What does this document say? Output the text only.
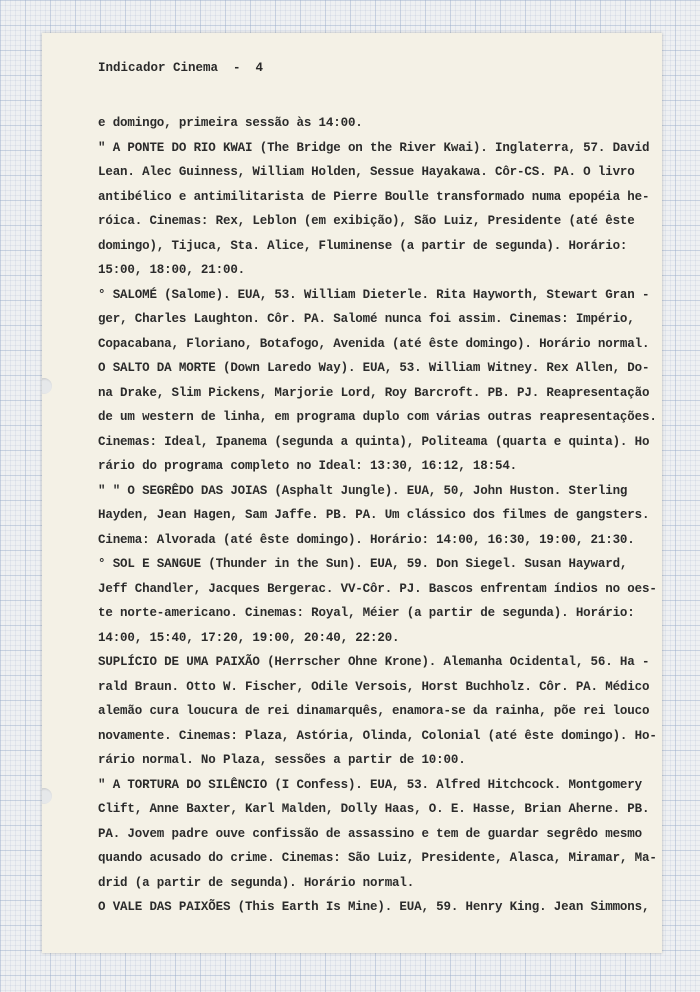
Indicador Cinema  -  4
e domingo, primeira sessão às 14:00.
" A PONTE DO RIO KWAI (The Bridge on the River Kwai). Inglaterra, 57. David
Lean. Alec Guinness, William Holden, Sessue Hayakawa. Côr-CS. PA. O livro
antibélico e antimilitarista de Pierre Boulle transformado numa epopéia he-
róica. Cinemas: Rex, Leblon (em exibição), São Luiz, Presidente (até êste
domingo), Tijuca, Sta. Alice, Fluminense (a partir de segunda). Horário:
15:00, 18:00, 21:00.
° SALOMÉ (Salome). EUA, 53. William Dieterle. Rita Hayworth, Stewart Gran -
ger, Charles Laughton. Côr. PA. Salomé nunca foi assim. Cinemas: Império,
Copacabana, Floriano, Botafogo, Avenida (até êste domingo). Horário normal.
O SALTO DA MORTE (Down Laredo Way). EUA, 53. William Witney. Rex Allen, Do-
na Drake, Slim Pickens, Marjorie Lord, Roy Barcroft. PB. PJ. Reapresentação
de um western de linha, em programa duplo com várias outras reapresentações.
Cinemas: Ideal, Ipanema (segunda a quinta), Politeama (quarta e quinta). Ho
rário do programa completo no Ideal: 13:30, 16:12, 18:54.
" " O SEGRÊDO DAS JOIAS (Asphalt Jungle). EUA, 50, John Huston. Sterling
Hayden, Jean Hagen, Sam Jaffe. PB. PA. Um clássico dos filmes de gangsters.
Cinema: Alvorada (até êste domingo). Horário: 14:00, 16:30, 19:00, 21:30.
° SOL E SANGUE (Thunder in the Sun). EUA, 59. Don Siegel. Susan Hayward,
Jeff Chandler, Jacques Bergerac. VV-Côr. PJ. Bascos enfrentam índios no oes-
te norte-americano. Cinemas: Royal, Méier (a partir de segunda). Horário:
14:00, 15:40, 17:20, 19:00, 20:40, 22:20.
SUPLÍCIO DE UMA PAIXÃO (Herrscher Ohne Krone). Alemanha Ocidental, 56. Ha -
rald Braun. Otto W. Fischer, Odile Versois, Horst Buchholz. Côr. PA. Médico
alemão cura loucura de rei dinamarquês, enamora-se da rainha, põe rei louco
novamente. Cinemas: Plaza, Astória, Olinda, Colonial (até êste domingo). Ho-
rário normal. No Plaza, sessões a partir de 10:00.
" A TORTURA DO SILÊNCIO (I Confess). EUA, 53. Alfred Hitchcock. Montgomery
Clift, Anne Baxter, Karl Malden, Dolly Haas, O. E. Hasse, Brian Aherne. PB.
PA. Jovem padre ouve confissão de assassino e tem de guardar segrêdo mesmo
quando acusado do crime. Cinemas: São Luiz, Presidente, Alasca, Miramar, Ma-
drid (a partir de segunda). Horário normal.
O VALE DAS PAIXÕES (This Earth Is Mine). EUA, 59. Henry King. Jean Simmons,
